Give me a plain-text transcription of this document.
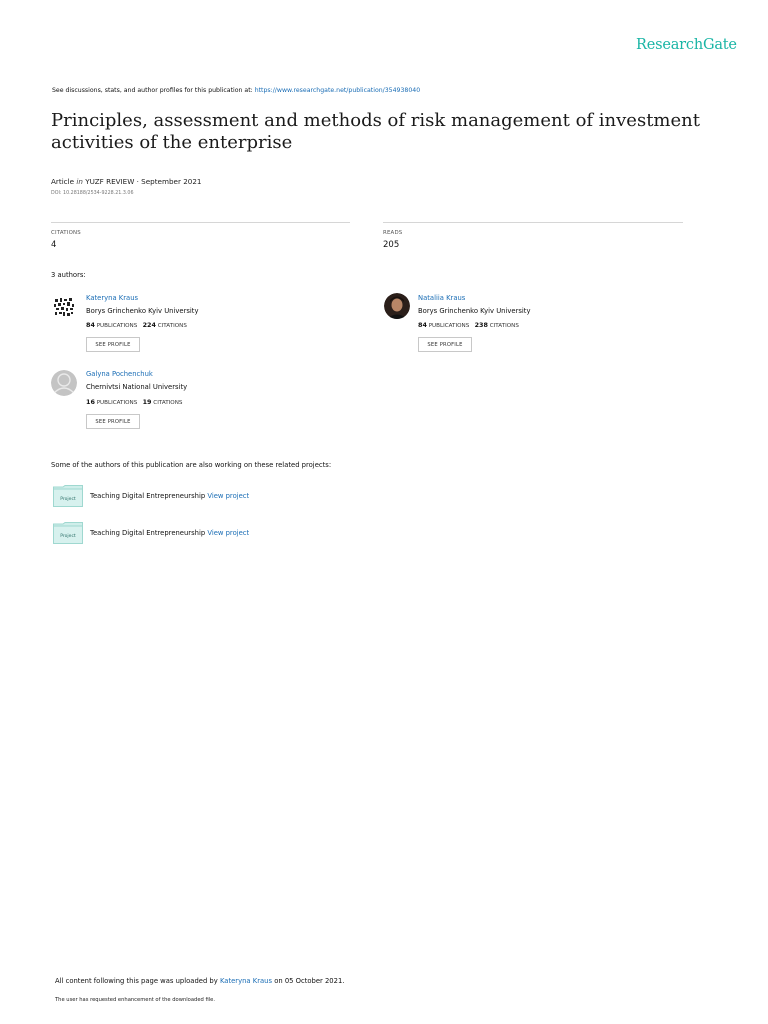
ResearchGate
See discussions, stats, and author profiles for this publication at: https://www.researchgate.net/publication/354938040
Principles, assessment and methods of risk management of investment activities of the enterprise
Article in YUZF REVIEW · September 2021
DOI: 10.28188/2534-9228.21.3.06
CITATIONS
4
READS
205
3 authors:
Kateryna Kraus
Borys Grinchenko Kyiv University
84 PUBLICATIONS 224 CITATIONS
SEE PROFILE
Nataliia Kraus
Borys Grinchenko Kyiv University
84 PUBLICATIONS 238 CITATIONS
SEE PROFILE
Galyna Pochenchuk
Chernivtsi National University
16 PUBLICATIONS 19 CITATIONS
SEE PROFILE
Some of the authors of this publication are also working on these related projects:
Project Teaching Digital Entrepreneurship View project
Project Teaching Digital Entrepreneurship View project
All content following this page was uploaded by Kateryna Kraus on 05 October 2021.
The user has requested enhancement of the downloaded file.
